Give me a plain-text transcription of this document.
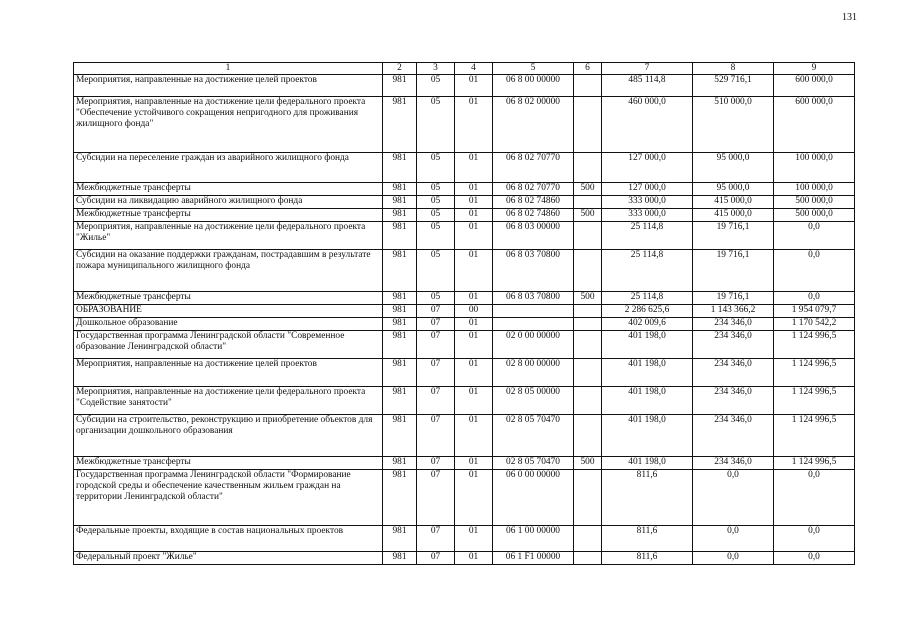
131
1	2	3	4	5	6	7	8	9
Мероприятия, направленные на достижение целей проектов	981	05	01	06 8 00 00000		485 114,8	529 716,1	600 000,0
Мероприятия, направленные на достижение цели федерального проекта "Обеспечение устойчивого сокращения непригодного для проживания жилищного фонда"	981	05	01	06 8 02 00000		460 000,0	510 000,0	600 000,0
Субсидии на переселение граждан из аварийного жилищного фонда	981	05	01	06 8 02 70770		127 000,0	95 000,0	100 000,0
Межбюджетные трансферты	981	05	01	06 8 02 70770	500	127 000,0	95 000,0	100 000,0
Субсидии на ликвидацию аварийного жилищного фонда	981	05	01	06 8 02 74860		333 000,0	415 000,0	500 000,0
Межбюджетные трансферты	981	05	01	06 8 02 74860	500	333 000,0	415 000,0	500 000,0
Мероприятия, направленные на достижение цели федерального проекта "Жилье"	981	05	01	06 8 03 00000		25 114,8	19 716,1	0,0
Субсидии на оказание поддержки гражданам, пострадавшим в результате пожара муниципального жилищного фонда	981	05	01	06 8 03 70800		25 114,8	19 716,1	0,0
Межбюджетные трансферты	981	05	01	06 8 03 70800	500	25 114,8	19 716,1	0,0
ОБРАЗОВАНИЕ	981	07	00			2 286 625,6	1 143 366,2	1 954 079,7
Дошкольное образование	981	07	01			402 009,6	234 346,0	1 170 542,2
Государственная программа Ленинградской области "Современное образование Ленинградской области"	981	07	01	02 0 00 00000		401 198,0	234 346,0	1 124 996,5
Мероприятия, направленные на достижение целей проектов	981	07	01	02 8 00 00000		401 198,0	234 346,0	1 124 996,5
Мероприятия, направленные на достижение цели федерального проекта "Содействие занятости"	981	07	01	02 8 05 00000		401 198,0	234 346,0	1 124 996,5
Субсидии на строительство, реконструкцию и приобретение объектов для организации дошкольного образования	981	07	01	02 8 05 70470		401 198,0	234 346,0	1 124 996,5
Межбюджетные трансферты	981	07	01	02 8 05 70470	500	401 198,0	234 346,0	1 124 996,5
Государственная программа Ленинградской области "Формирование городской среды и обеспечение качественным жильем граждан на территории Ленинградской области"	981	07	01	06 0 00 00000		811,6	0,0	0,0
Федеральные проекты, входящие в состав национальных проектов	981	07	01	06 1 00 00000		811,6	0,0	0,0
Федеральный проект "Жилье"	981	07	01	06 1 F1 00000		811,6	0,0	0,0
